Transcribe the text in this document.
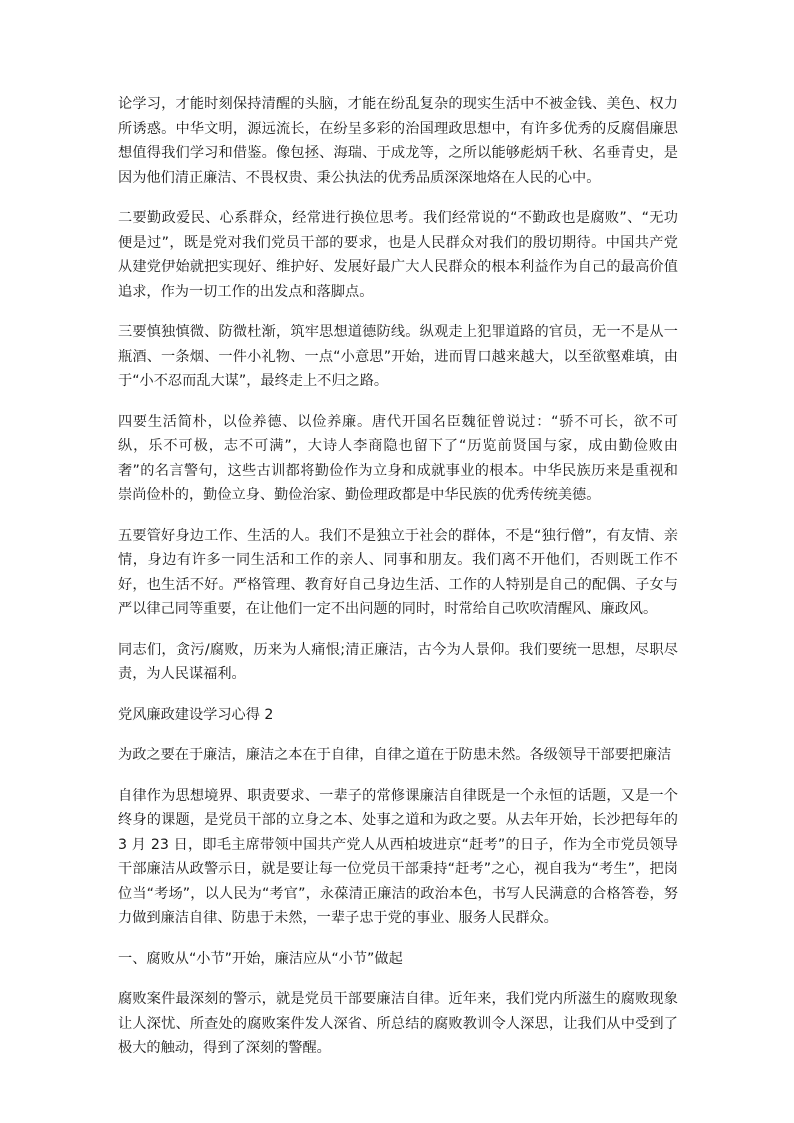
论学习，才能时刻保持清醒的头脑，才能在纷乱复杂的现实生活中不被金钱、美色、权力所诱惑。中华文明，源远流长，在纷呈多彩的治国理政思想中，有许多优秀的反腐倡廉思想值得我们学习和借鉴。像包拯、海瑞、于成龙等，之所以能够彪炳千秋、名垂青史，是因为他们清正廉洁、不畏权贵、秉公执法的优秀品质深深地烙在人民的心中。

二要勤政爱民、心系群众，经常进行换位思考。我们经常说的“不勤政也是腐败”、“无功便是过”，既是党对我们党员干部的要求，也是人民群众对我们的殷切期待。中国共产党从建党伊始就把实现好、维护好、发展好最广大人民群众的根本利益作为自己的最高价值追求，作为一切工作的出发点和落脚点。

三要慎独慎微、防微杜渐，筑牢思想道德防线。纵观走上犯罪道路的官员，无一不是从一瓶酒、一条烟、一件小礼物、一点“小意思”开始，进而胃口越来越大，以至欲壑难填，由于“小不忍而乱大谋”，最终走上不归之路。

四要生活简朴，以俭养德、以俭养廉。唐代开国名臣魏征曾说过：“骄不可长，欲不可纵，乐不可极，志不可满”，大诗人李商隐也留下了“历览前贤国与家，成由勤俭败由奢”的名言警句，这些古训都将勤俭作为立身和成就事业的根本。中华民族历来是重视和崇尚俭朴的，勤俭立身、勤俭治家、勤俭理政都是中华民族的优秀传统美德。

五要管好身边工作、生活的人。我们不是独立于社会的群体，不是“独行僧”，有友情、亲情，身边有许多一同生活和工作的亲人、同事和朋友。我们离不开他们，否则既工作不好，也生活不好。严格管理、教育好自己身边生活、工作的人特别是自己的配偶、子女与严以律己同等重要，在让他们一定不出问题的同时，时常给自己吹吹清醒风、廉政风。

同志们，贪污/腐败，历来为人痛恨;清正廉洁，古今为人景仰。我们要统一思想，尽职尽责，为人民谋福利。

党风廉政建设学习心得 2

为政之要在于廉洁，廉洁之本在于自律，自律之道在于防患未然。各级领导干部要把廉洁

自律作为思想境界、职责要求、一辈子的常修课廉洁自律既是一个永恒的话题，又是一个终身的课题，是党员干部的立身之本、处事之道和为政之要。从去年开始，长沙把每年的 3 月 23 日，即毛主席带领中国共产党人从西柏坡进京“赶考”的日子，作为全市党员领导干部廉洁从政警示日，就是要让每一位党员干部秉持“赶考”之心，视自我为“考生”，把岗位当“考场”，以人民为“考官”，永葆清正廉洁的政治本色，书写人民满意的合格答卷，努力做到廉洁自律、防患于未然，一辈子忠于党的事业、服务人民群众。

一、腐败从“小节”开始，廉洁应从“小节”做起

腐败案件最深刻的警示，就是党员干部要廉洁自律。近年来，我们党内所滋生的腐败现象让人深忧、所查处的腐败案件发人深省、所总结的腐败教训令人深思，让我们从中受到了极大的触动，得到了深刻的警醒。
